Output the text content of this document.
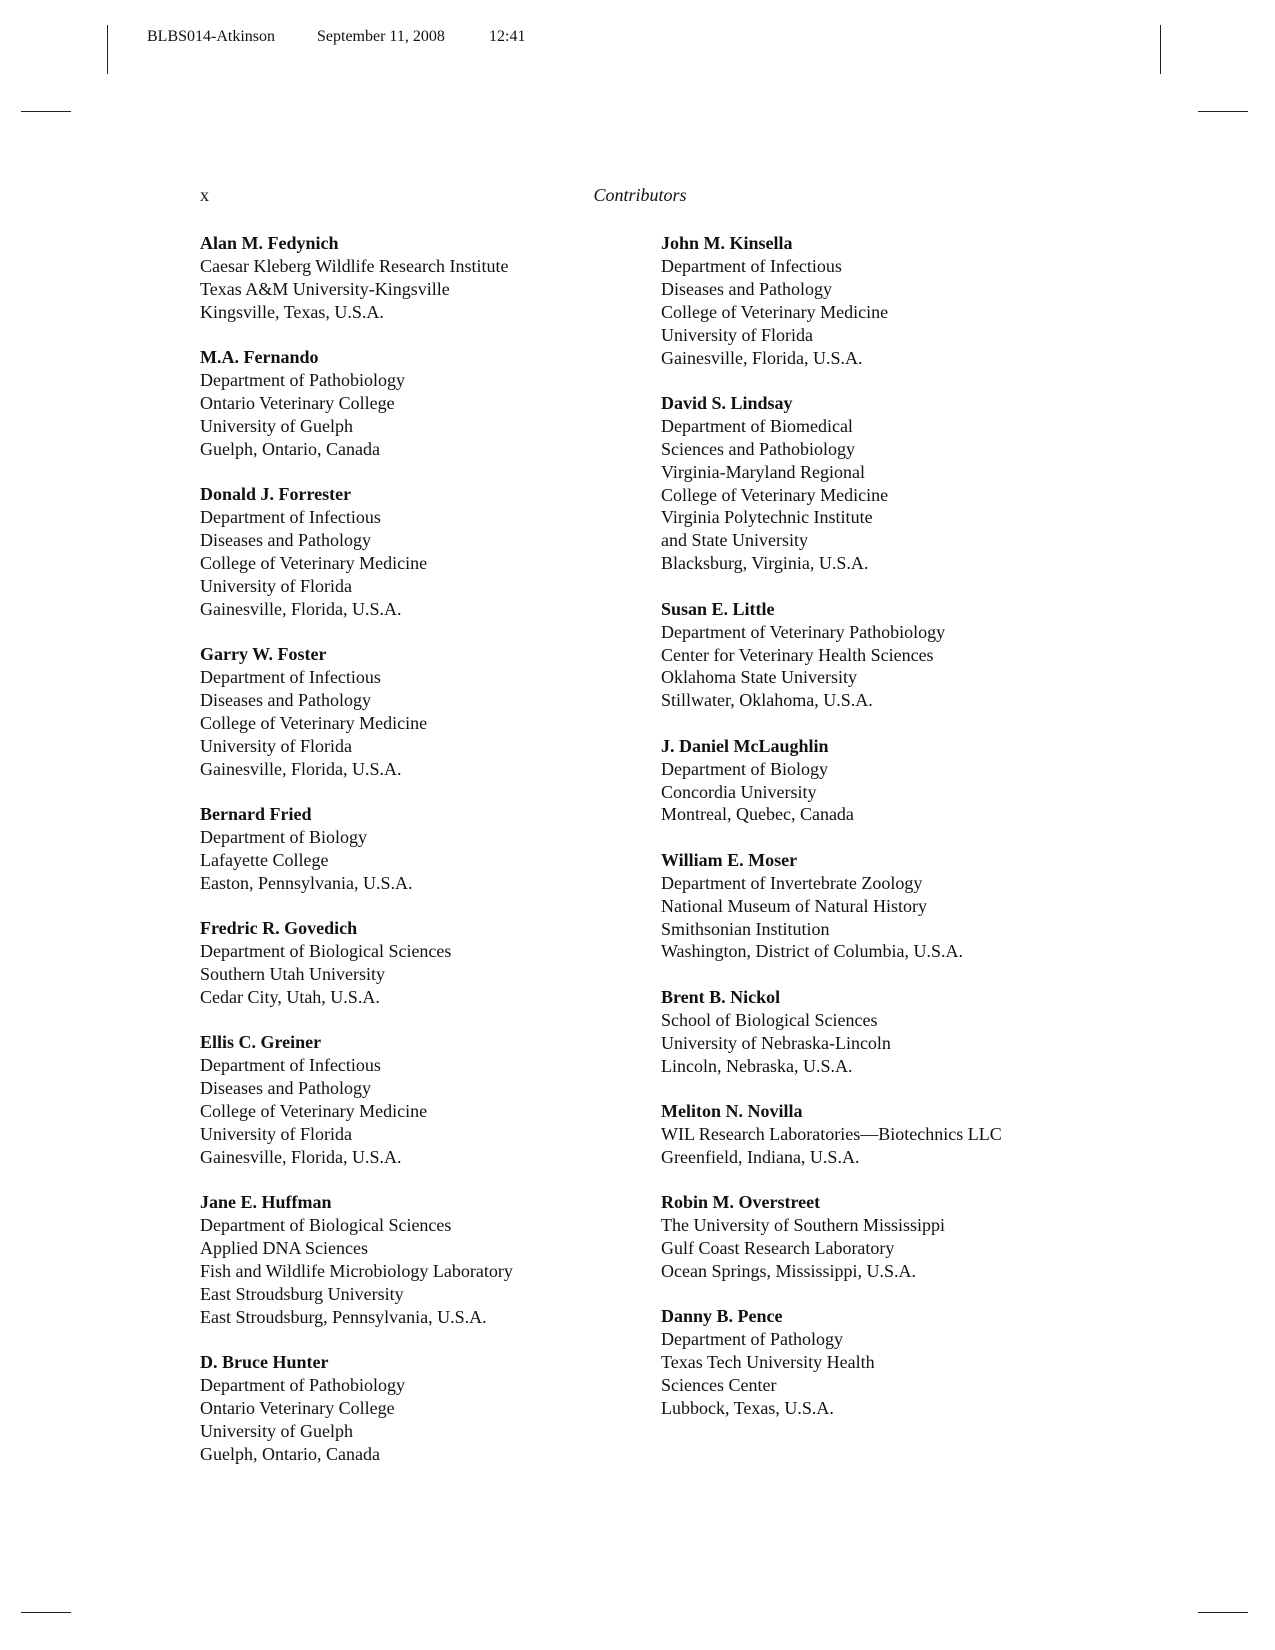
BLBS014-Atkinson	September 11, 2008	12:41
x	Contributors
Alan M. Fedynich
Caesar Kleberg Wildlife Research Institute
Texas A&M University-Kingsville
Kingsville, Texas, U.S.A.
M.A. Fernando
Department of Pathobiology
Ontario Veterinary College
University of Guelph
Guelph, Ontario, Canada
Donald J. Forrester
Department of Infectious
Diseases and Pathology
College of Veterinary Medicine
University of Florida
Gainesville, Florida, U.S.A.
Garry W. Foster
Department of Infectious
Diseases and Pathology
College of Veterinary Medicine
University of Florida
Gainesville, Florida, U.S.A.
Bernard Fried
Department of Biology
Lafayette College
Easton, Pennsylvania, U.S.A.
Fredric R. Govedich
Department of Biological Sciences
Southern Utah University
Cedar City, Utah, U.S.A.
Ellis C. Greiner
Department of Infectious
Diseases and Pathology
College of Veterinary Medicine
University of Florida
Gainesville, Florida, U.S.A.
Jane E. Huffman
Department of Biological Sciences
Applied DNA Sciences
Fish and Wildlife Microbiology Laboratory
East Stroudsburg University
East Stroudsburg, Pennsylvania, U.S.A.
D. Bruce Hunter
Department of Pathobiology
Ontario Veterinary College
University of Guelph
Guelph, Ontario, Canada
John M. Kinsella
Department of Infectious
Diseases and Pathology
College of Veterinary Medicine
University of Florida
Gainesville, Florida, U.S.A.
David S. Lindsay
Department of Biomedical
Sciences and Pathobiology
Virginia-Maryland Regional
College of Veterinary Medicine
Virginia Polytechnic Institute
and State University
Blacksburg, Virginia, U.S.A.
Susan E. Little
Department of Veterinary Pathobiology
Center for Veterinary Health Sciences
Oklahoma State University
Stillwater, Oklahoma, U.S.A.
J. Daniel McLaughlin
Department of Biology
Concordia University
Montreal, Quebec, Canada
William E. Moser
Department of Invertebrate Zoology
National Museum of Natural History
Smithsonian Institution
Washington, District of Columbia, U.S.A.
Brent B. Nickol
School of Biological Sciences
University of Nebraska-Lincoln
Lincoln, Nebraska, U.S.A.
Meliton N. Novilla
WIL Research Laboratories—Biotechnics LLC
Greenfield, Indiana, U.S.A.
Robin M. Overstreet
The University of Southern Mississippi
Gulf Coast Research Laboratory
Ocean Springs, Mississippi, U.S.A.
Danny B. Pence
Department of Pathology
Texas Tech University Health
Sciences Center
Lubbock, Texas, U.S.A.
